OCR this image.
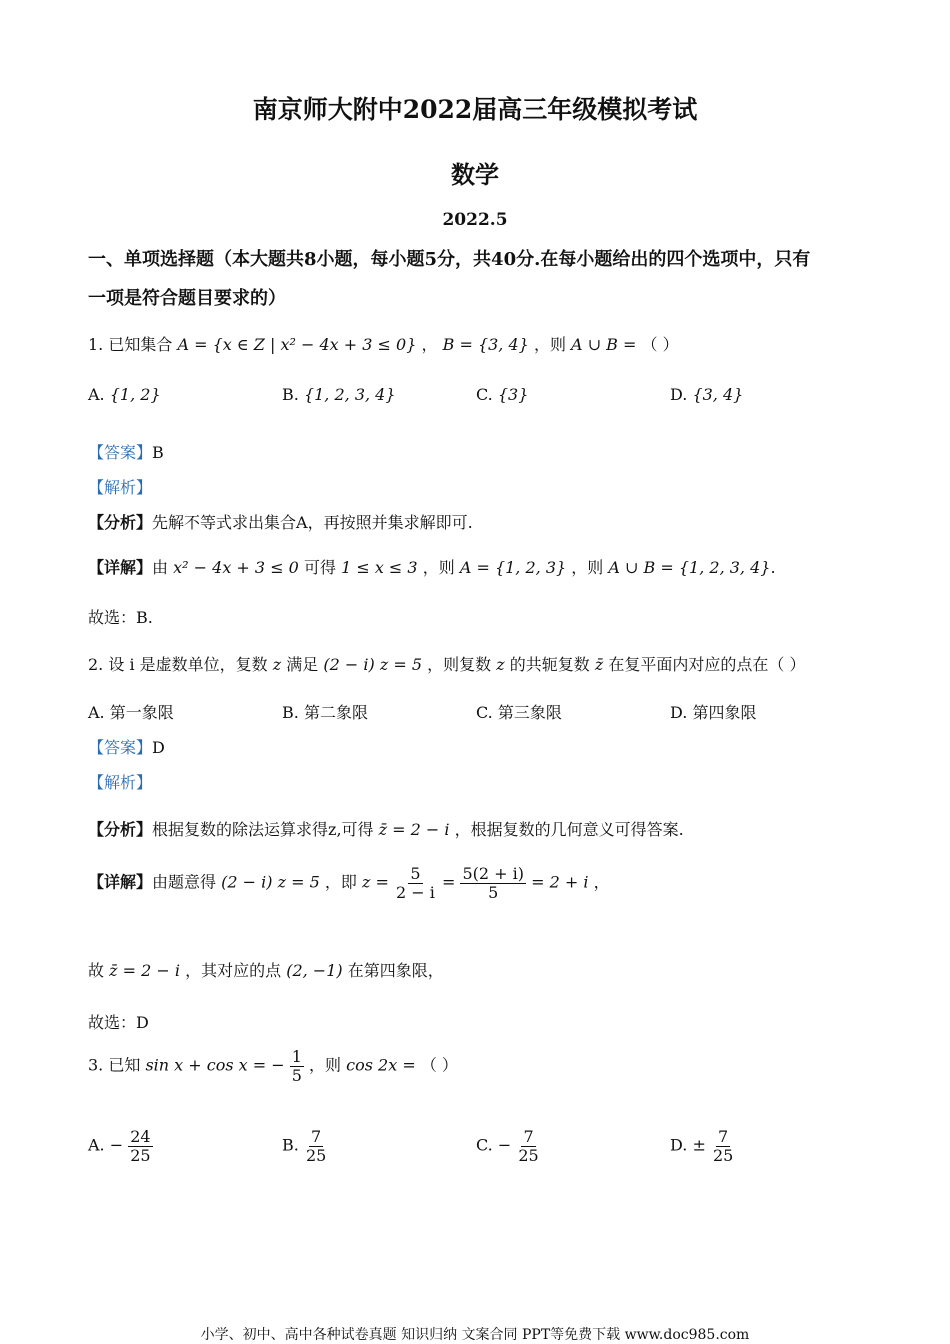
南京师大附中2022届高三年级模拟考试
数学
2022.5
一、单项选择题（本大题共8小题，每小题5分，共40分.在每小题给出的四个选项中，只有
一项是符合题目要求的）
1. 已知集合 A = {x ∈ Z | x² − 4x + 3 ≤ 0} ， B = {3, 4} ，则 A ∪ B = （ ）
A. {1, 2}	B. {1, 2, 3, 4}	C. {3}	D. {3, 4}
【答案】B
【解析】
【分析】先解不等式求出集合A，再按照并集求解即可.
【详解】由 x² − 4x + 3 ≤ 0 可得 1 ≤ x ≤ 3 ，则 A = {1, 2, 3} ，则 A ∪ B = {1, 2, 3, 4}.
故选：B.
2. 设 i 是虚数单位，复数 z 满足 (2 − i) z = 5 ，则复数 z 的共轭复数 z̄ 在复平面内对应的点在（ ）
A. 第一象限	B. 第二象限	C. 第三象限	D. 第四象限
【答案】D
【解析】
【分析】根据复数的除法运算求得z,可得 z̄ = 2 − i ，根据复数的几何意义可得答案.
【详解】由题意得 (2 − i) z = 5 ，即 $z = \frac{5}{2 - i} = \frac{5(2 + i)}{5} = 2 + i$ ，
故 z̄ = 2 − i ，其对应的点 (2, −1) 在第四象限，
故选：D
3. 已知 sin x + cos x = − $\frac{1}{5}$ ，则 cos 2x = （ ）
A. − $\frac{24}{25}$	B. $\frac{7}{25}$	C. − $\frac{7}{25}$	D. ± $\frac{7}{25}$
小学、初中、高中各种试卷真题 知识归纳 文案合同 PPT等免费下载 www.doc985.com
